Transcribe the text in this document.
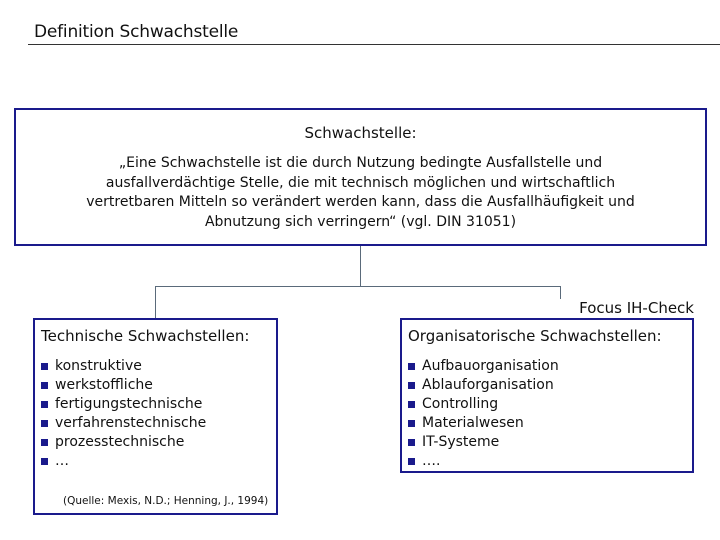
Definition Schwachstelle
Schwachstelle:
„Eine Schwachstelle ist die durch Nutzung bedingte Ausfallstelle und
ausfallverdächtige Stelle, die mit technisch möglichen und wirtschaftlich
vertretbaren Mitteln so verändert werden kann, dass die Ausfallhäufigkeit und
Abnutzung sich verringern“ (vgl. DIN 31051)
Focus IH-Check
Technische Schwachstellen:
konstruktive
werkstoffliche
fertigungstechnische
verfahrenstechnische
prozesstechnische
…
(Quelle: Mexis, N.D.; Henning, J., 1994)
Organisatorische Schwachstellen:
Aufbauorganisation
Ablauforganisation
Controlling
Materialwesen
IT-Systeme
….
